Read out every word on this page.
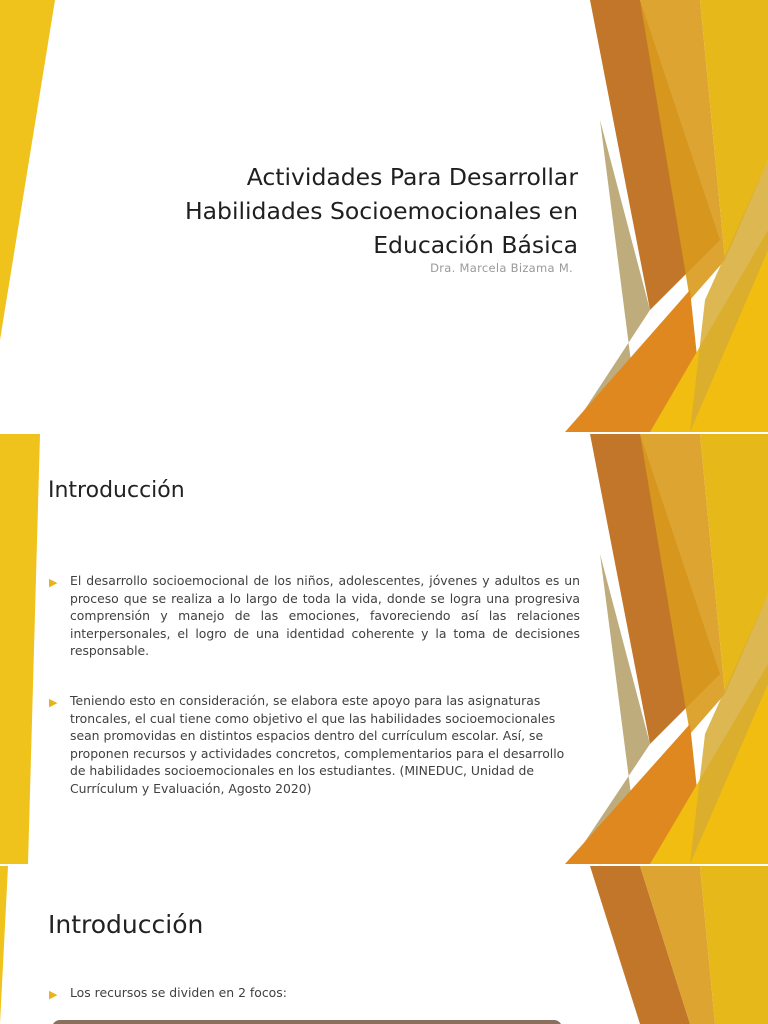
Actividades Para Desarrollar
Habilidades Socioemocionales en
Educación Básica
Dra. Marcela Bizama M.
Introducción
▶ El desarrollo socioemocional de los niños, adolescentes, jóvenes y adultos es un proceso que se realiza a lo largo de toda la vida, donde se logra una progresiva comprensión y manejo de las emociones, favoreciendo así las relaciones interpersonales, el logro de una identidad coherente y la toma de decisiones responsable.
▶ Teniendo esto en consideración, se elabora este apoyo para las asignaturas troncales, el cual tiene como objetivo el que las habilidades socioemocionales sean promovidas en distintos espacios dentro del currículum escolar. Así, se proponen recursos y actividades concretos, complementarios para el desarrollo de habilidades socioemocionales en los estudiantes. (MINEDUC, Unidad de Currículum y Evaluación, Agosto 2020)
Introducción
▶ Los recursos se dividen en 2 focos:
